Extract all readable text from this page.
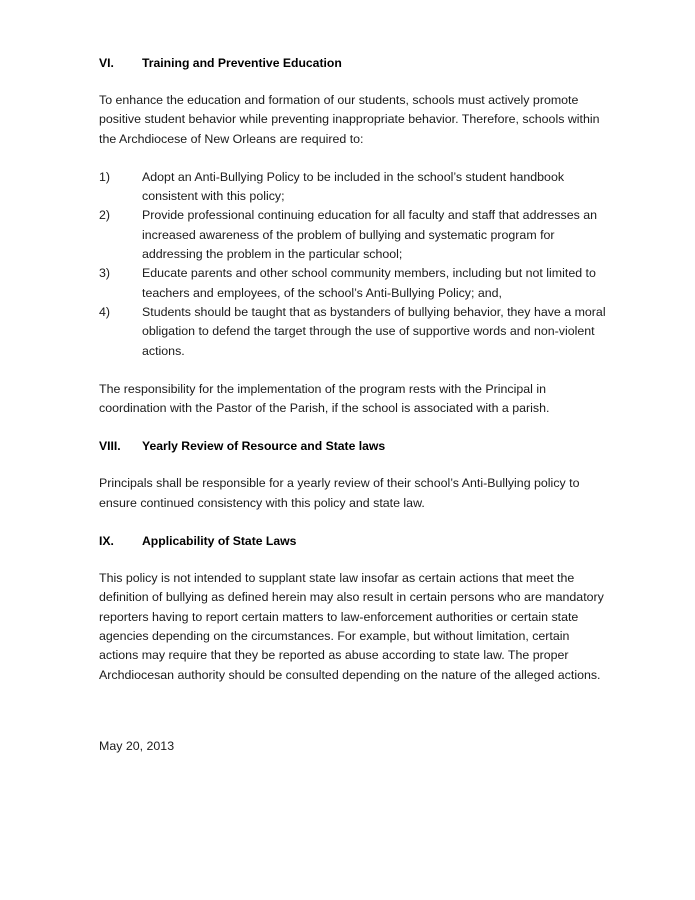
VI.	Training and Preventive Education

To enhance the education and formation of our students, schools must actively promote positive student behavior while preventing inappropriate behavior. Therefore, schools within the Archdiocese of New Orleans are required to:

1)	Adopt an Anti-Bullying Policy to be included in the school’s student handbook consistent with this policy;
2)	Provide professional continuing education for all faculty and staff that addresses an increased awareness of the problem of bullying and systematic program for addressing the problem in the particular school;
3)	Educate parents and other school community members, including but not limited to teachers and employees, of the school’s Anti-Bullying Policy; and,
4)	Students should be taught that as bystanders of bullying behavior, they have a moral obligation to defend the target through the use of supportive words and non-violent actions.

The responsibility for the implementation of the program rests with the Principal in coordination with the Pastor of the Parish, if the school is associated with a parish.

VIII.	Yearly Review of Resource and State laws

Principals shall be responsible for a yearly review of their school’s Anti-Bullying policy to ensure continued consistency with this policy and state law.

IX.	Applicability of State Laws

This policy is not intended to supplant state law insofar as certain actions that meet the definition of bullying as defined herein may also result in certain persons who are mandatory reporters having to report certain matters to law-enforcement authorities or certain state agencies depending on the circumstances. For example, but without limitation, certain actions may require that they be reported as abuse according to state law. The proper Archdiocesan authority should be consulted depending on the nature of the alleged actions.

May 20, 2013
